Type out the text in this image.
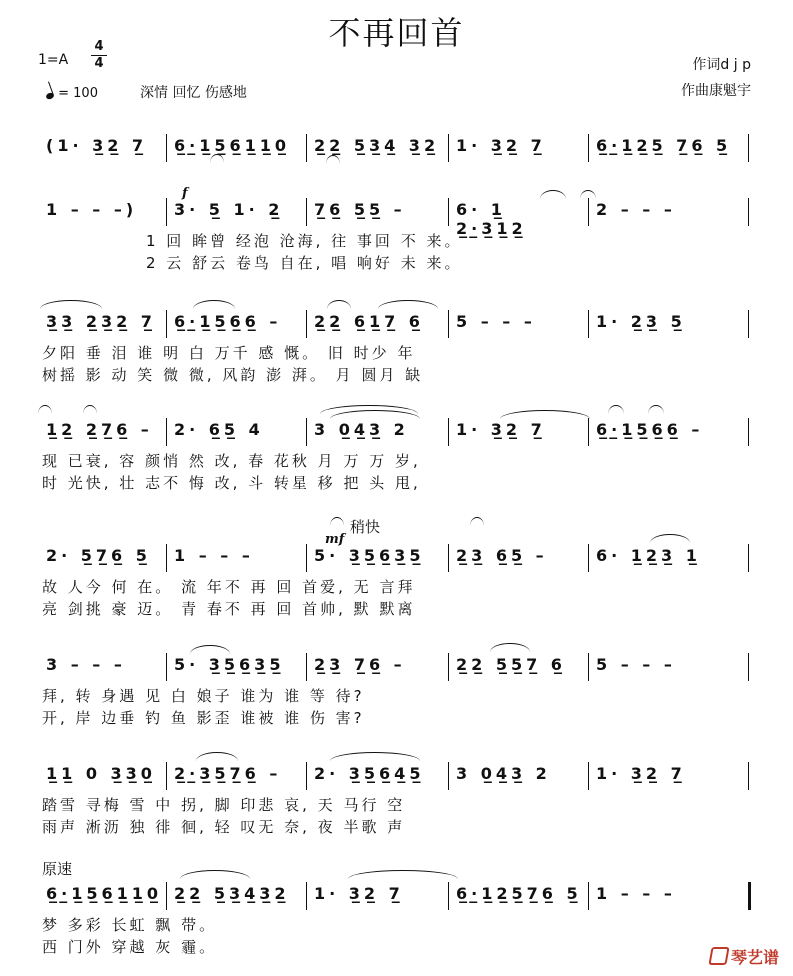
不再回首
1=A
4
4
= 100	深情 回忆 伤感地
作词d j p
作曲康魁宇
稍快
原速
f
mf
(1· 3̲2̲ 7̲	6̲·̲1̲5̲6̲1̲1̲0̲	2̲2̲ 5̲3̲4̲ 3̲2̲ 1· 3̲2̲ 7̲	6̲·̲1̲2̲5̲ 7̲6̲ 5̲
1 – – –)	3· 5̲ 1· 2̲	7̲6̲ 5̲5̲ –	6· 1̲ 2̲·̲3̲1̲2̲
2 – – –
1 回 眸曾 经泡 沧海, 往 事回 不 来。
2 云 舒云 卷鸟 自在, 唱 响好 未 来。
3̲3̲ 2̲3̲2̲ 7̲ 6̲·̲1̲5̲6̲6̲ –	2̲2̲ 6̲1̲7̲ 6̲	5 – – –	1· 2̲3̲ 5̲
夕阳 垂 泪 谁 明 白 万千 感 慨。 旧 时少 年
树摇 影 动 笑 微 微, 风韵 澎 湃。 月 圆月 缺
1̲2̲ 2̲7̲6̲ –	2· 6̲5̲ 4	3 0̲4̲3̲ 2	1· 3̲2̲ 7̲	6̲·̲1̲5̲6̲6̲ –
现 已衰, 容 颜悄 然 改, 春 花秋 月 万 万 岁,
时 光快, 壮 志不 悔 改, 斗 转星 移 把 头 甩,
2· 5̲7̲6̲ 5̲	1 – – –	5· 3̲5̲6̲3̲5̲	2̲3̲ 6̲5̲ –	6· 1̲2̲3̲ 1̲
故 人今 何 在。 流 年不 再 回 首爱, 无 言拜
亮 剑挑 豪 迈。 青 春不 再 回 首帅, 默 默离
3 – – –	5· 3̲5̲6̲3̲5̲	2̲3̲ 7̲6̲ –	2̲2̲ 5̲5̲7̲ 6̲	5 – – –
拜, 转 身遇 见 白 娘子 谁为 谁 等 待?
开, 岸 边垂 钓 鱼 影歪 谁被 谁 伤 害?
1̲1̲ 0 3̲3̲0̲ 2̲·̲3̲5̲7̲6̲ –	2· 3̲5̲6̲4̲5̲	3 0̲4̲3̲ 2	1· 3̲2̲ 7̲
踏雪 寻梅 雪 中 拐, 脚 印悲 哀, 天 马行 空
雨声 淅沥 独 徘 徊, 轻 叹无 奈, 夜 半歌 声
6̲·̲1̲5̲6̲1̲1̲0̲ 2̲2̲ 5̲3̲4̲3̲2̲	1· 3̲2̲ 7̲	6̲·̲1̲2̲5̲7̲6̲ 5̲ 1 – – –
梦 多彩 长虹 飘 带。
西 门外 穿越 灰 霾。
琴艺谱
